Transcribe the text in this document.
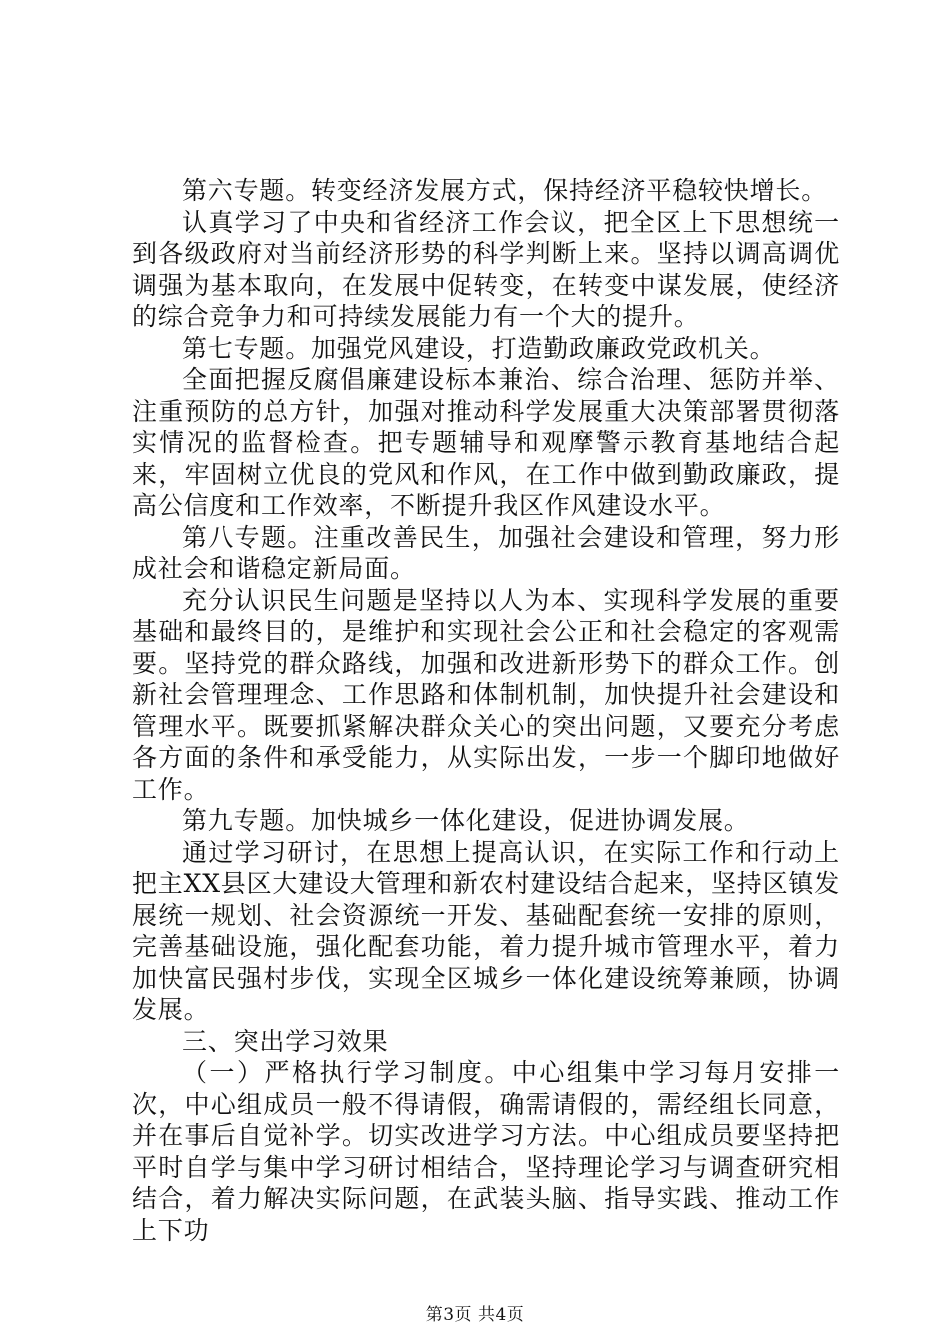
第六专题。转变经济发展方式，保持经济平稳较快增长。

认真学习了中央和省经济工作会议，把全区上下思想统一到各级政府对当前经济形势的科学判断上来。坚持以调高调优调强为基本取向，在发展中促转变，在转变中谋发展，使经济的综合竞争力和可持续发展能力有一个大的提升。

第七专题。加强党风建设，打造勤政廉政党政机关。

全面把握反腐倡廉建设标本兼治、综合治理、惩防并举、注重预防的总方针，加强对推动科学发展重大决策部署贯彻落实情况的监督检查。把专题辅导和观摩警示教育基地结合起来，牢固树立优良的党风和作风，在工作中做到勤政廉政，提高公信度和工作效率，不断提升我区作风建设水平。

第八专题。注重改善民生，加强社会建设和管理，努力形成社会和谐稳定新局面。

充分认识民生问题是坚持以人为本、实现科学发展的重要基础和最终目的，是维护和实现社会公正和社会稳定的客观需要。坚持党的群众路线，加强和改进新形势下的群众工作。创新社会管理理念、工作思路和体制机制，加快提升社会建设和管理水平。既要抓紧解决群众关心的突出问题，又要充分考虑各方面的条件和承受能力，从实际出发，一步一个脚印地做好工作。

第九专题。加快城乡一体化建设，促进协调发展。

通过学习研讨，在思想上提高认识，在实际工作和行动上把主XX县区大建设大管理和新农村建设结合起来，坚持区镇发展统一规划、社会资源统一开发、基础配套统一安排的原则，完善基础设施，强化配套功能，着力提升城市管理水平，着力加快富民强村步伐，实现全区城乡一体化建设统筹兼顾，协调发展。

三、突出学习效果

（一）严格执行学习制度。中心组集中学习每月安排一次，中心组成员一般不得请假，确需请假的，需经组长同意，并在事后自觉补学。切实改进学习方法。中心组成员要坚持把平时自学与集中学习研讨相结合，坚持理论学习与调查研究相结合，着力解决实际问题，在武装头脑、指导实践、推动工作上下功

第3页 共4页
